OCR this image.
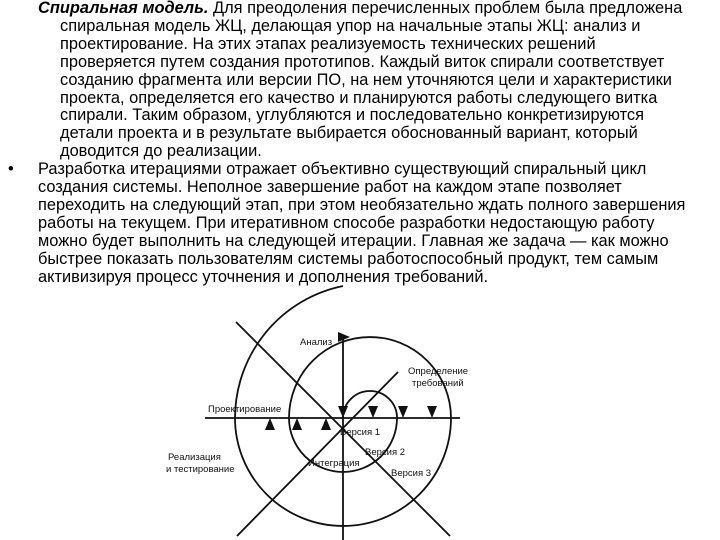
Спиральная модель. Для преодоления перечисленных проблем была предложена спиральная модель ЖЦ, делающая упор на начальные этапы ЖЦ: анализ и проектирование. На этих этапах реализуемость технических решений проверяется путем создания прототипов. Каждый виток спирали соответствует созданию фрагмента или версии ПО, на нем уточняются цели и характеристики проекта, определяется его качество и планируются работы следующего витка спирали. Таким образом, углубляются и последовательно конкретизируются детали проекта и в результате выбирается обоснованный вариант, который доводится до реализации.

•	Разработка итерациями отражает объективно существующий спиральный цикл создания системы. Неполное завершение работ на каждом этапе позволяет переходить на следующий этап, при этом необязательно ждать полного завершения работы на текущем. При итеративном способе разработки недостающую работу можно будет выполнить на следующей итерации. Главная же задача — как можно быстрее показать пользователям системы работоспособный продукт, тем самым активизируя процесс уточнения и дополнения требований.

Анализ
Определение
требований
Проектирование
Версия 1
Версия 2
Версия 3
Реализация
и тестирование
Интеграция
